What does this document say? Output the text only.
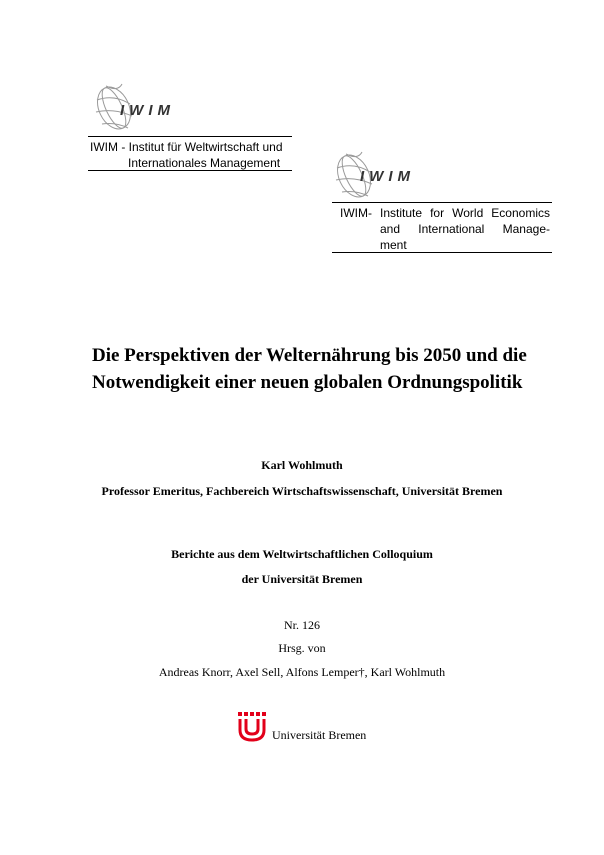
IWIM
IWIM - Institut für Weltwirtschaft und
Internationales Management
IWIM
IWIM- Institute for World Economics
and International Manage-
ment
Die Perspektiven der Welternährung bis 2050 und die
Notwendigkeit einer neuen globalen Ordnungspolitik
Karl Wohlmuth
Professor Emeritus, Fachbereich Wirtschaftswissenschaft, Universität Bremen
Berichte aus dem Weltwirtschaftlichen Colloquium
der Universität Bremen
Nr. 126
Hrsg. von
Andreas Knorr, Axel Sell, Alfons Lemper†, Karl Wohlmuth
Universität Bremen
